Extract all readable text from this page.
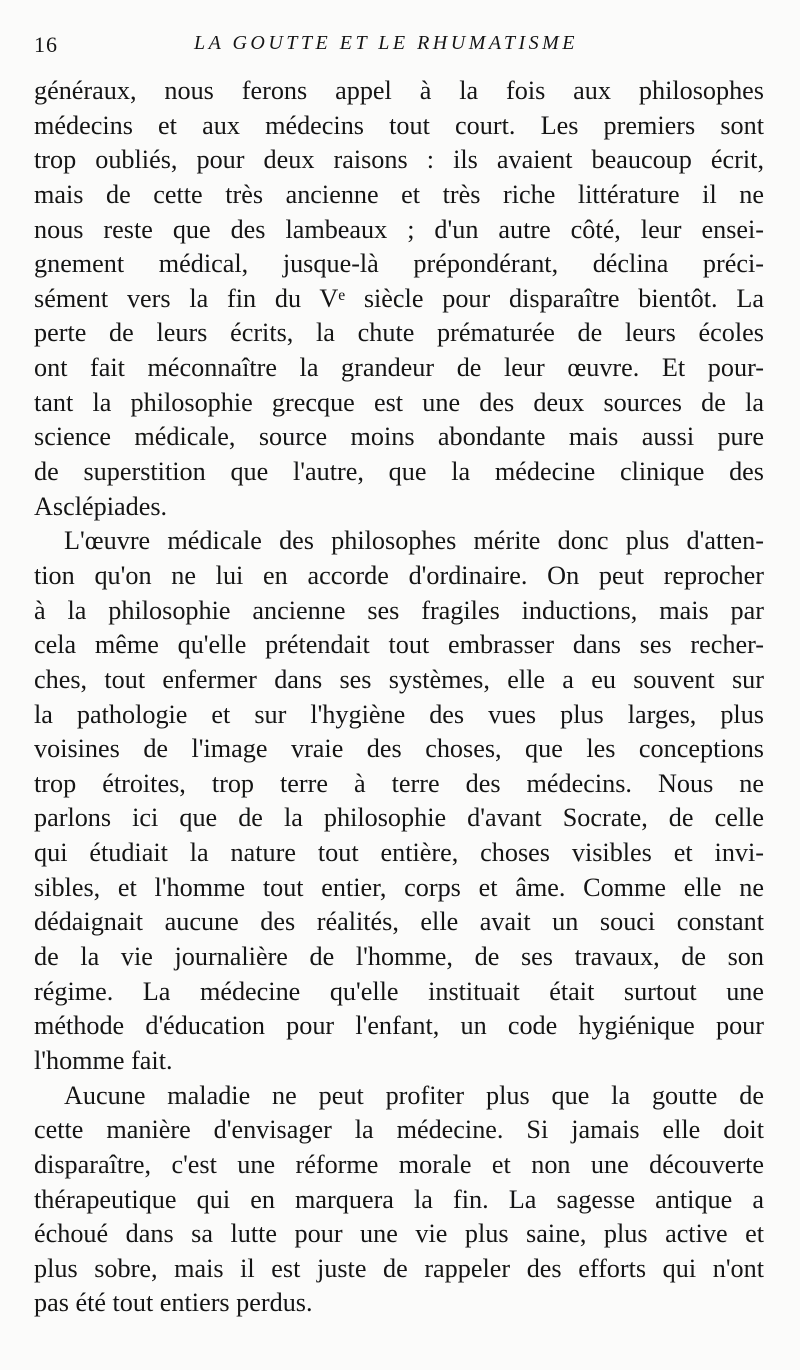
16	LA GOUTTE ET LE RHUMATISME
généraux, nous ferons appel à la fois aux philosophes
médecins et aux médecins tout court. Les premiers sont
trop oubliés, pour deux raisons : ils avaient beaucoup écrit,
mais de cette très ancienne et très riche littérature il ne
nous reste que des lambeaux ; d'un autre côté, leur ensei-
gnement médical, jusque-là prépondérant, déclina préci-
sément vers la fin du Vᵉ siècle pour disparaître bientôt. La
perte de leurs écrits, la chute prématurée de leurs écoles
ont fait méconnaître la grandeur de leur œuvre. Et pour-
tant la philosophie grecque est une des deux sources de la
science médicale, source moins abondante mais aussi pure
de superstition que l'autre, que la médecine clinique des
Asclépiades.
L'œuvre médicale des philosophes mérite donc plus d'atten-
tion qu'on ne lui en accorde d'ordinaire. On peut reprocher
à la philosophie ancienne ses fragiles inductions, mais par
cela même qu'elle prétendait tout embrasser dans ses recher-
ches, tout enfermer dans ses systèmes, elle a eu souvent sur
la pathologie et sur l'hygiène des vues plus larges, plus
voisines de l'image vraie des choses, que les conceptions
trop étroites, trop terre à terre des médecins. Nous ne
parlons ici que de la philosophie d'avant Socrate, de celle
qui étudiait la nature tout entière, choses visibles et invi-
sibles, et l'homme tout entier, corps et âme. Comme elle ne
dédaignait aucune des réalités, elle avait un souci constant
de la vie journalière de l'homme, de ses travaux, de son
régime. La médecine qu'elle instituait était surtout une
méthode d'éducation pour l'enfant, un code hygiénique pour
l'homme fait.
Aucune maladie ne peut profiter plus que la goutte de
cette manière d'envisager la médecine. Si jamais elle doit
disparaître, c'est une réforme morale et non une découverte
thérapeutique qui en marquera la fin. La sagesse antique a
échoué dans sa lutte pour une vie plus saine, plus active et
plus sobre, mais il est juste de rappeler des efforts qui n'ont
pas été tout entiers perdus.
